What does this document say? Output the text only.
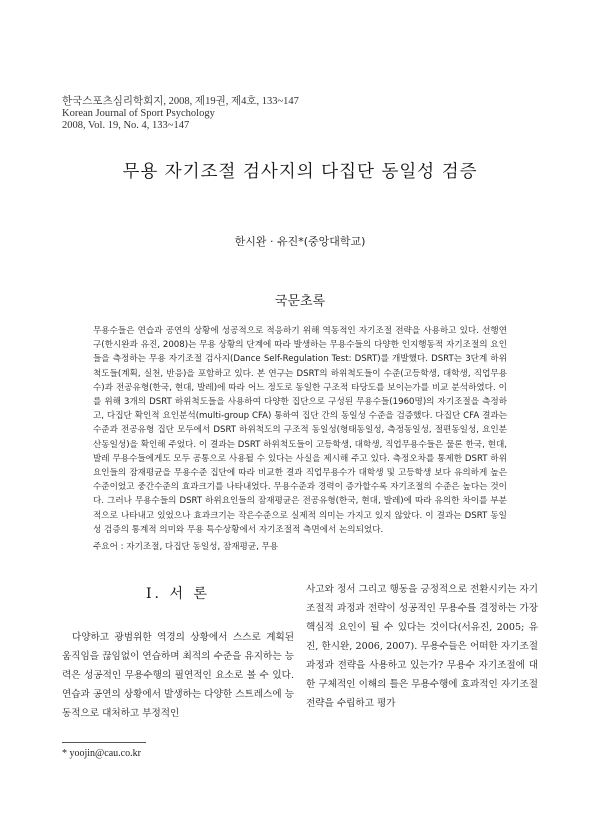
한국스포츠심리학회지, 2008, 제19권, 제4호, 133~147
Korean Journal of Sport Psychology
2008, Vol. 19, No. 4, 133~147
무용 자기조절 검사지의 다집단 동일성 검증
한시완 · 유진*(중앙대학교)
국문초록

무용수들은 연습과 공연의 상황에 성공적으로 적응하기 위해 역동적인 자기조절 전략을 사용하고 있다. 선행연구(한시완과 유진, 2008)는 무용 상황의 단계에 따라 발생하는 무용수들의 다양한 인지행동적 자기조절의 요인들을 측정하는 무용 자기조절 검사지(Dance Self-Regulation Test: DSRT)를 개발했다. DSRT는 3단계 하위척도들(계획, 실천, 반응)을 포함하고 있다. 본 연구는 DSRT의 하위척도들이 수준(고등학생, 대학생, 직업무용수)과 전공유형(한국, 현대, 발레)에 따라 어느 정도로 동일한 구조적 타당도를 보이는가를 비교 분석하였다. 이를 위해 3개의 DSRT 하위척도들을 사용하여 다양한 집단으로 구성된 무용수들(1960명)의 자기조절을 측정하고, 다집단 확인적 요인분석(multi-group CFA) 통하여 집단 간의 동일성 수준을 검증했다. 다집단 CFA 결과는 수준과 전공유형 집단 모두에서 DSRT 하위척도의 구조적 동일성(형태동일성, 측정동일성, 절편동일성, 요인분산동일성)을 확인해 주었다. 이 결과는 DSRT 하위척도들이 고등학생, 대학생, 직업무용수들은 물론 한국, 현대, 발레 무용수들에게도 모두 공통으로 사용될 수 있다는 사실을 제시해 주고 있다. 측정오차를 통제한 DSRT 하위요인들의 잠재평균을 무용수준 집단에 따라 비교한 결과 직업무용수가 대학생 및 고등학생 보다 유의하게 높은 수준이었고 중간수준의 효과크기를 나타내었다. 무용수준과 경력이 증가할수록 자기조절의 수준은 높다는 것이다. 그러나 무용수들의 DSRT 하위요인들의 잠재평균은 전공유형(한국, 현대, 발레)에 따라 유의한 차이를 부분적으로 나타내고 있었으나 효과크기는 작은수준으로 실제적 의미는 가지고 있지 않았다. 이 결과는 DSRT 동일성 검증의 통계적 의미와 무용 특수상황에서 자기조절적 측면에서 논의되었다.

주요어 : 자기조절, 다집단 동일성, 잠재평균, 무용
I. 서 론

다양하고 광범위한 역경의 상황에서 스스로 계획된 움직임을 끊임없이 연습하며 최적의 수준을 유지하는 능력은 성공적인 무용수행의 필연적인 요소로 볼 수 있다. 연습과 공연의 상황에서 발생하는 다양한 스트레스에 능동적으로 대처하고 부정적인

사고와 정서 그리고 행동을 긍정적으로 전환시키는 자기조절적 과정과 전략이 성공적인 무용수를 결정하는 가장 핵심적 요인이 될 수 있다는 것이다(서유진, 2005; 유진, 한시완, 2006, 2007). 무용수들은 어떠한 자기조절 과정과 전략을 사용하고 있는가? 무용수 자기조절에 대한 구체적인 이해의 틀은 무용수행에 효과적인 자기조절 전략을 수립하고 평가

* yoojin@cau.co.kr
